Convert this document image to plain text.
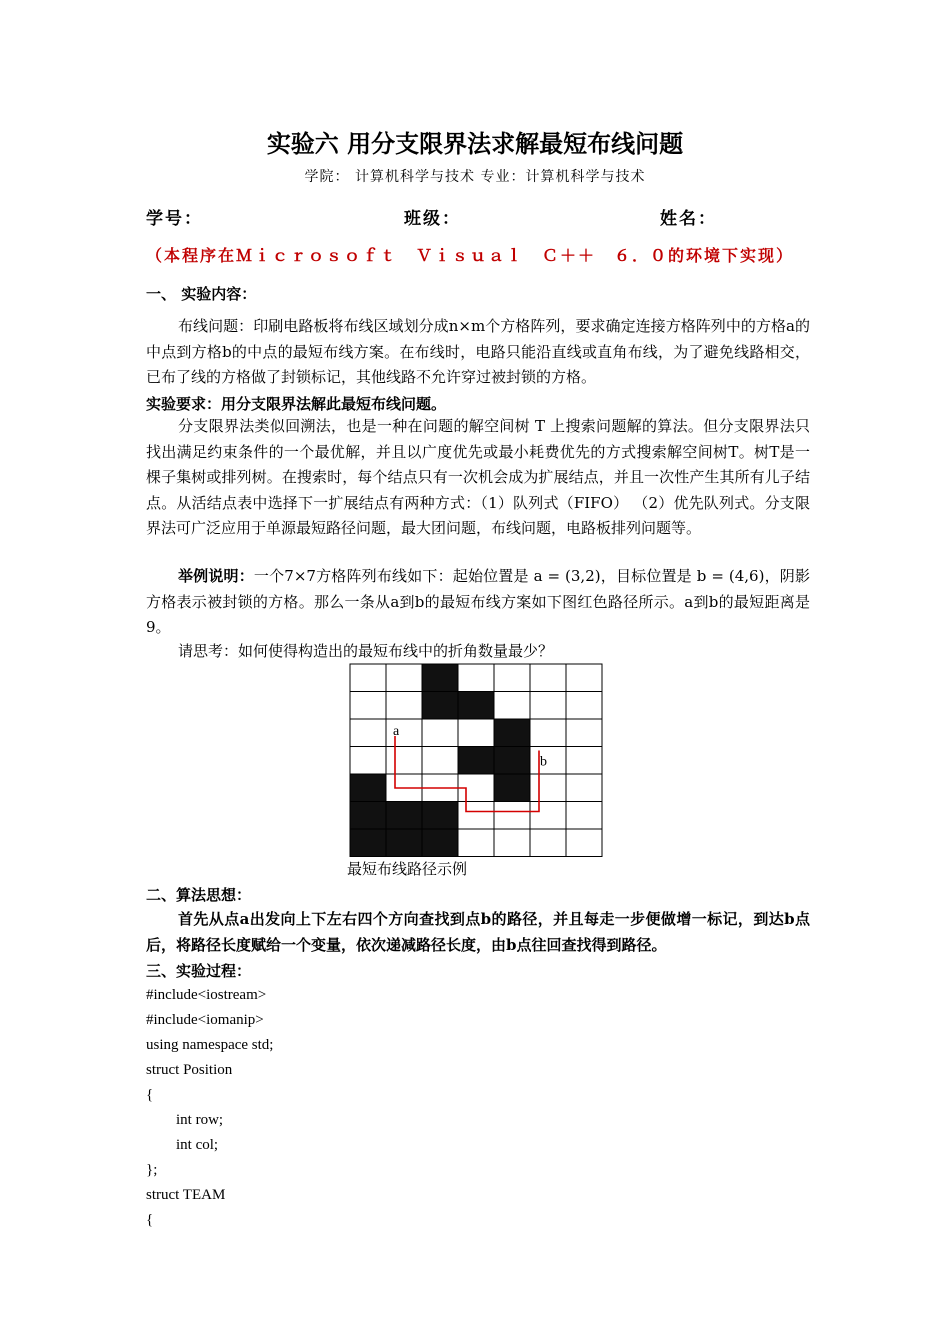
实验六 用分支限界法求解最短布线问题
学院： 计算机科学与技术 专业：计算机科学与技术
学号：	班级：	姓名：
（本程序在Ｍｉｃｒｏｓｏｆｔ　Ｖｉｓｕａｌ　Ｃ＋＋　６．０的环境下实现）
一、 实验内容：
布线问题：印刷电路板将布线区域划分成n×m个方格阵列，要求确定连接方格阵列中的方格a的中点到方格b的中点的最短布线方案。在布线时，电路只能沿直线或直角布线，为了避免线路相交，已布了线的方格做了封锁标记，其他线路不允许穿过被封锁的方格。
实验要求：用分支限界法解此最短布线问题。
分支限界法类似回溯法，也是一种在问题的解空间树 T 上搜索问题解的算法。但分支限界法只找出满足约束条件的一个最优解，并且以广度优先或最小耗费优先的方式搜索解空间树T。树T是一棵子集树或排列树。在搜索时，每个结点只有一次机会成为扩展结点，并且一次性产生其所有儿子结点。从活结点表中选择下一扩展结点有两种方式：（1）队列式（FIFO） （2）优先队列式。分支限界法可广泛应用于单源最短路径问题，最大团问题，布线问题，电路板排列问题等。
举例说明：一个7×7方格阵列布线如下：起始位置是 a = (3,2)，目标位置是 b = (4,6)，阴影方格表示被封锁的方格。那么一条从a到b的最短布线方案如下图红色路径所示。a到b的最短距离是9。
请思考：如何使得构造出的最短布线中的折角数量最少？
a
b
最短布线路径示例
二、算法思想：
首先从点a出发向上下左右四个方向查找到点b的路径，并且每走一步便做增一标记，到达b点后，将路径长度赋给一个变量，依次递减路径长度，由b点往回查找得到路径。
三、实验过程：
#include<iostream>
#include<iomanip>
using namespace std;
struct Position
{
int row;
int col;
};
struct TEAM
{
